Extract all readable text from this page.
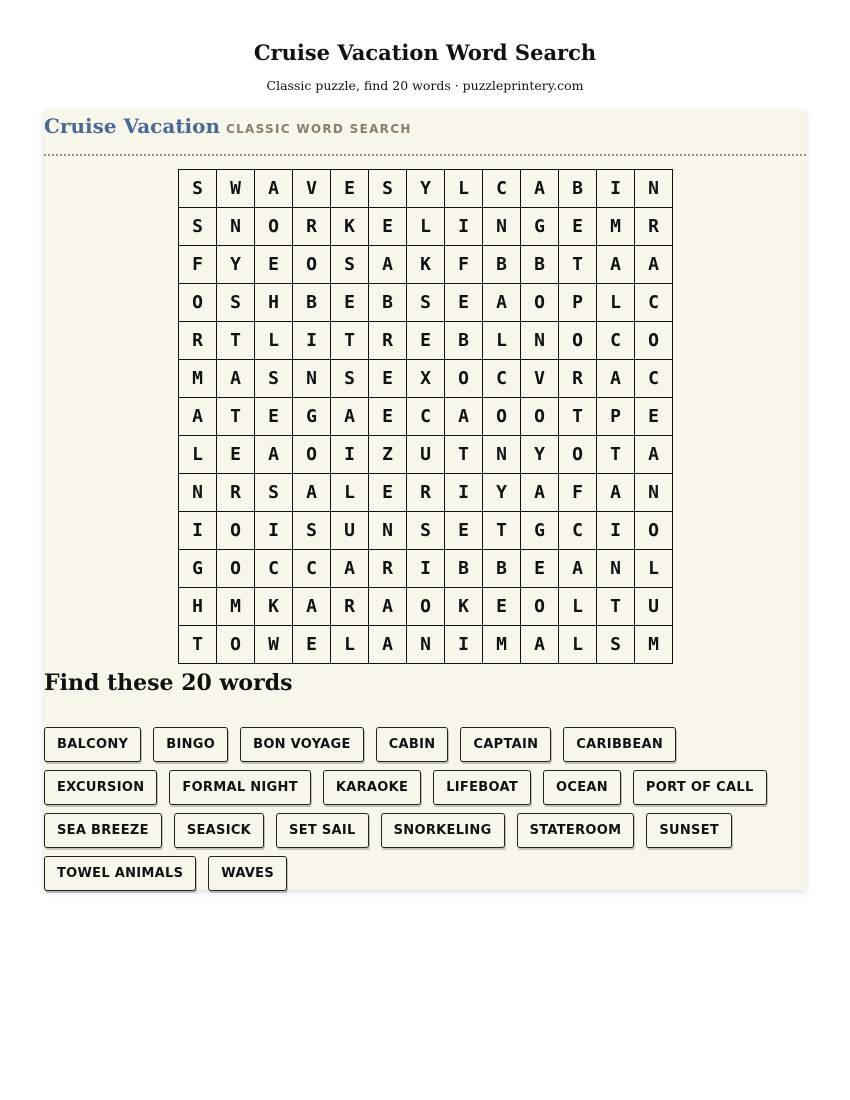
Cruise Vacation Word Search
Classic puzzle, find 20 words · puzzleprintery.com
Cruise Vacation CLASSIC WORD SEARCH
S	W	A	V	E	S	Y	L	C	A	B	I	N
S	N	O	R	K	E	L	I	N	G	E	M	R
F	Y	E	O	S	A	K	F	B	B	T	A	A
O	S	H	B	E	B	S	E	A	O	P	L	C
R	T	L	I	T	R	E	B	L	N	O	C	O
M	A	S	N	S	E	X	O	C	V	R	A	C
A	T	E	G	A	E	C	A	O	O	T	P	E
L	E	A	O	I	Z	U	T	N	Y	O	T	A
N	R	S	A	L	E	R	I	Y	A	F	A	N
I	O	I	S	U	N	S	E	T	G	C	I	O
G	O	C	C	A	R	I	B	B	E	A	N	L
H	M	K	A	R	A	O	K	E	O	L	T	U
T	O	W	E	L	A	N	I	M	A	L	S	M
Find these 20 words
BALCONY	BINGO	BON VOYAGE	CABIN	CAPTAIN	CARIBBEAN
EXCURSION	FORMAL NIGHT	KARAOKE	LIFEBOAT	OCEAN	PORT OF CALL
SEA BREEZE	SEASICK	SET SAIL	SNORKELING	STATEROOM	SUNSET
TOWEL ANIMALS	WAVES
